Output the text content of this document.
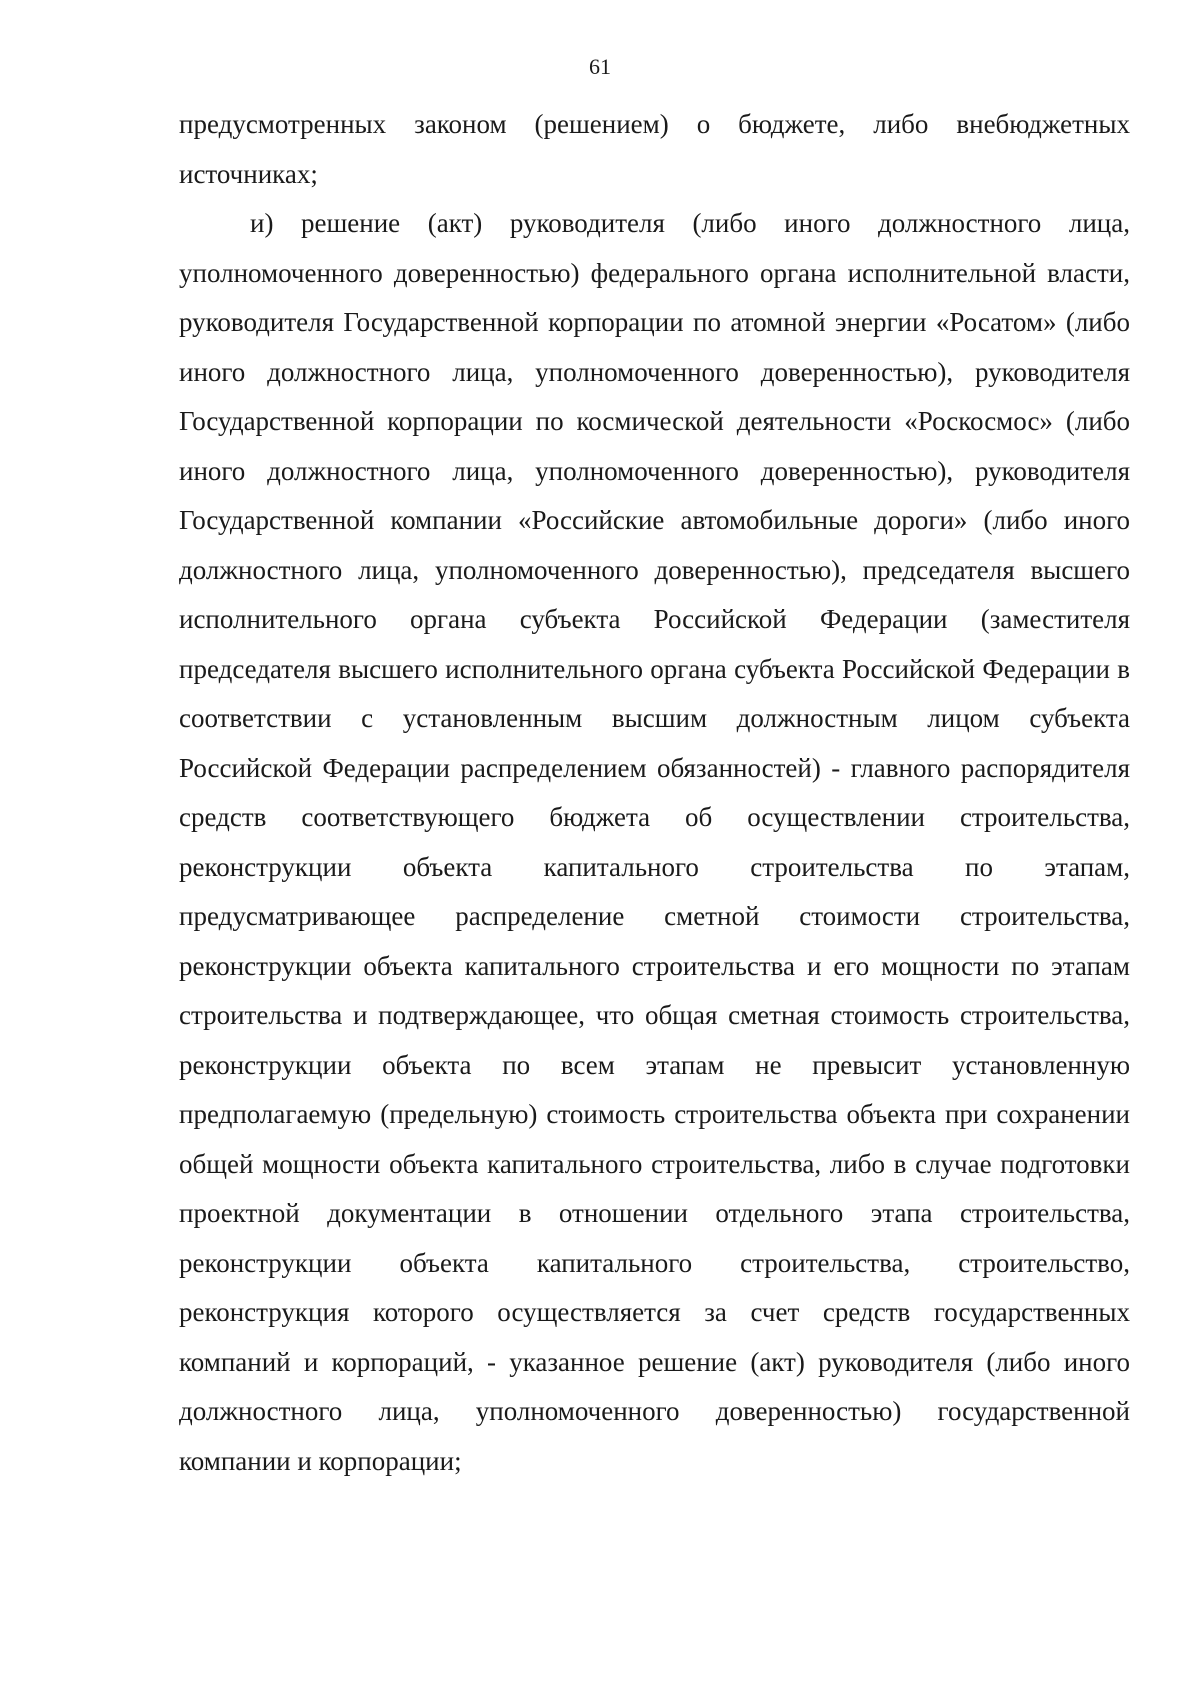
61

предусмотренных законом (решением) о бюджете, либо внебюджетных источниках;

и) решение (акт) руководителя (либо иного должностного лица, уполномоченного доверенностью) федерального органа исполнительной власти, руководителя Государственной корпорации по атомной энергии «Росатом» (либо иного должностного лица, уполномоченного доверенностью), руководителя Государственной корпорации по космической деятельности «Роскосмос» (либо иного должностного лица, уполномоченного доверенностью), руководителя Государственной компании «Российские автомобильные дороги» (либо иного должностного лица, уполномоченного доверенностью), председателя высшего исполнительного органа субъекта Российской Федерации (заместителя председателя высшего исполнительного органа субъекта Российской Федерации в соответствии с установленным высшим должностным лицом субъекта Российской Федерации распределением обязанностей) - главного распорядителя средств соответствующего бюджета об осуществлении строительства, реконструкции объекта капитального строительства по этапам, предусматривающее распределение сметной стоимости строительства, реконструкции объекта капитального строительства и его мощности по этапам строительства и подтверждающее, что общая сметная стоимость строительства, реконструкции объекта по всем этапам не превысит установленную предполагаемую (предельную) стоимость строительства объекта при сохранении общей мощности объекта капитального строительства, либо в случае подготовки проектной документации в отношении отдельного этапа строительства, реконструкции объекта капитального строительства, строительство, реконструкция которого осуществляется за счет средств государственных компаний и корпораций, - указанное решение (акт) руководителя (либо иного должностного лица, уполномоченного доверенностью) государственной компании и корпорации;
